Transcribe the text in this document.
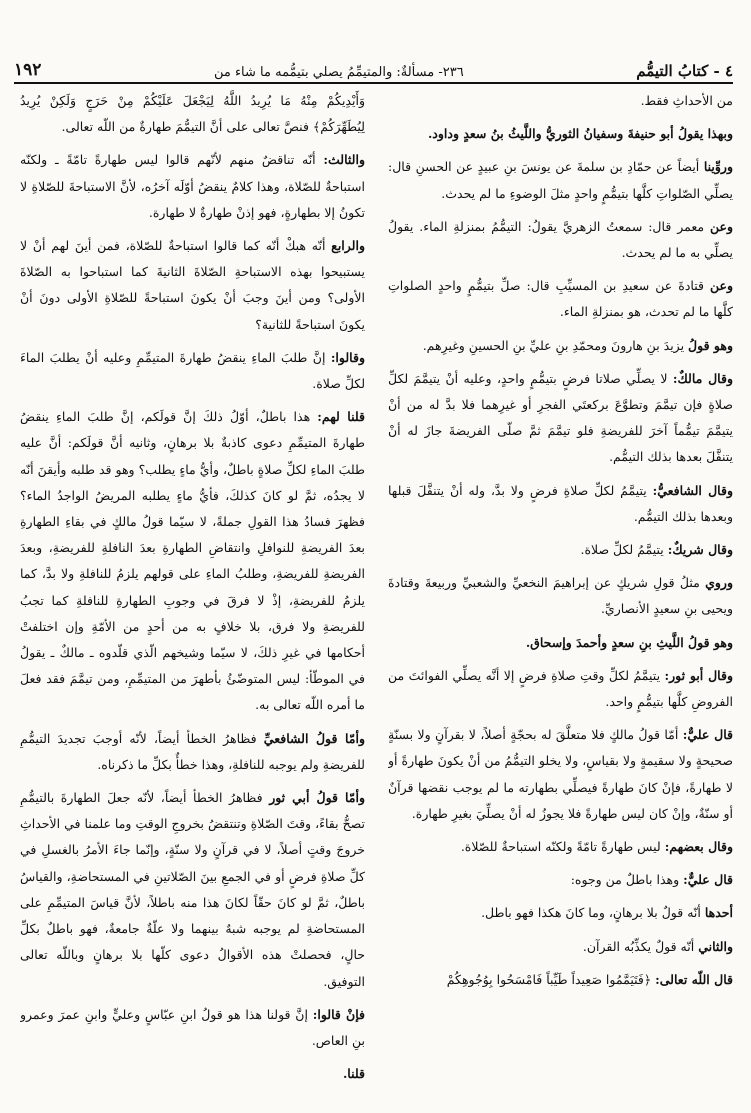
٤ - كتابُ التيمُّم
٢٣٦- مسألةٌ: والمتيمِّمُ يصلي بتيمُّمه ما شاء من
١٩٢

من الأحداثِ فقط.

وبهذا يقولُ أبو حنيفةَ وسفيانُ الثوريُّ واللَّيثُ بنُ سعدٍ وداود.

وروِّينا أيضاً عن حمّادِ بن سلمةَ عن يونسَ بنِ عبيدٍ عن الحسنِ قال: يصلِّي الصّلواتِ كلَّها بتيمُّمٍ واحدٍ مثلَ الوضوءِ ما لم يحدث.

وعن معمر قال: سمعتُ الزهريَّ يقولُ: التيمُّمُ بمنزلةِ الماء. يقولُ يصلِّي به ما لم يحدث.

وعن قتادةَ عن سعيدِ بن المسيِّبِ قال: صلِّ بتيمُّمٍ واحدٍ الصلواتِ كلَّها ما لم تحدث، هو بمنزلةِ الماء.

وهو قولُ يزيدَ بنِ هارونَ ومحمّدِ بنِ عليِّ بنِ الحسينِ وغيرِهم.

وقال مالكٌ: لا يصلِّي صلاتا فرضٍ بتيمُّمٍ واحدٍ، وعليه أنْ يتيمَّمَ لكلِّ صلاةٍ فإن تيمَّمَ وتطوَّعَ بركعتَي الفجرِ أو غيرِهما فلا بدَّ له من أنْ يتيمَّمَ تيمُّماً آخرَ للفريضةِ فلو تيمَّمَ ثمَّ صلّى الفريضةَ جازَ له أنْ يتنفَّلَ بعدها بذلك التيمُّم.

وقال الشافعيُّ: يتيمَّمُ لكلِّ صلاةِ فرضٍ ولا بدَّ، وله أنْ يتنفَّلَ قبلها وبعدها بذلك التيمُّم.

وقال شريكٌ: يتيمَّمُ لكلِّ صلاة.

وروي مثلُ قولِ شريكٍ عن إبراهيمَ النخعيِّ والشعبيِّ وربيعةَ وقتادةَ ويحيى بنِ سعيدٍ الأنصاريِّ.

وهو قولُ اللَّيثِ بنِ سعدٍ وأحمدَ وإسحاق.

وقال أبو ثور: يتيمَّمُ لكلِّ وقتِ صلاةِ فرضٍ إلا أنَّه يصلِّي الفوائتَ من الفروضِ كلَّها بتيمُّمٍ واحد.

قال عليٌّ: أمّا قولُ مالكٍ فلا متعلَّقَ له بحجّةٍ أصلاً، لا بقرآنٍ ولا بسنّةٍ صحيحةٍ ولا سقيمةٍ ولا بقياسٍ، ولا يخلو التيمُّمُ من أنْ يكونَ طهارةً أو لا طهارةً، فإنْ كانَ طهارةً فيصلِّي بطهارته ما لم يوجب نقضها قرآنٌ أو سنّةٌ، وإنْ كان ليس طهارةً فلا يجوزُ له أنْ يصلِّيَ بغيرِ طهارة.

وقال بعضهم: ليس طهارةً تامّةً ولكنّه استباحةٌ للصّلاة.

قال عليٌّ: وهذا باطلٌ من وجوه:

أحدها أنّه قولٌ بلا برهانٍ، وما كانَ هكذا فهو باطل.

والثاني أنّه قولٌ يكذِّبُه القرآن.

قال اللّه تعالى: ﴿فَتَيَمَّمُوا صَعِيداً طَيِّباً فَامْسَحُوا بِوُجُوهِكُمْ

وَأَيْدِيكُمْ مِنْهُ مَا يُرِيدُ اللَّهُ لِيَجْعَلَ عَلَيْكُمْ مِنْ حَرَجٍ وَلَكِنْ يُرِيدُ لِيُطَهِّرَكُمْ﴾ فنصَّ تعالى على أنَّ التيمُّمَ طهارةٌ من اللّه تعالى.

والثالث: أنّه تناقضٌ منهم لأنّهم قالوا ليس طهارةً تامّةً ـ ولكنّه استباحةٌ للصّلاة، وهذا كلامٌ ينقضُ أوّلَه آخرُه، لأنَّ الاستباحةَ للصّلاةِ لا تكونُ إلا بطهارةٍ، فهو إذنْ طهارةٌ لا طهارة.

والرابع أنّه هبكْ أنّه كما قالوا استباحةٌ للصّلاة، فمن أينَ لهم أنْ لا يستبيحوا بهذه الاستباحةِ الصّلاةَ الثانيةَ كما استباحوا به الصّلاةَ الأولى؟ ومن أينَ وجبَ أنْ يكونَ استباحةً للصّلاةِ الأولى دونَ أنْ يكونَ استباحةً للثانية؟

وقالوا: إنَّ طلبَ الماءِ ينقضُ طهارةَ المتيمِّمِ وعليه أنْ يطلبَ الماءَ لكلِّ صلاة.

قلنا لهم: هذا باطلٌ، أوّلُ ذلكَ إنَّ قولَكم، إنَّ طلبَ الماءِ ينقضُ طهارةَ المتيمِّمِ دعوى كاذبةٌ بلا برهانٍ، وثانيه أنَّ قولَكم: أنَّ عليه طلبَ الماءِ لكلِّ صلاةٍ باطلٌ، وأيُّ ماءٍ يطلب؟ وهو قد طلبه وأيقنَ أنّه لا يجدُه، ثمَّ لو كانَ كذلكَ، فأيُّ ماءٍ يطلبه المريضُ الواجدُ الماء؟ فظهرَ فسادُ هذا القولِ جملةً، لا سيّما قولُ مالكٍ في بقاءِ الطهارةِ بعدَ الفريضةِ للنوافلِ وانتقاضِ الطهارةِ بعدَ النافلةِ للفريضةِ، وبعدَ الفريضةِ للفريضةِ، وطلبُ الماءِ على قولهم يلزمُ للنافلةِ ولا بدَّ، كما يلزمُ للفريضةِ، إذْ لا فرقَ في وجوبِ الطهارةِ للنافلةِ كما تجبُ للفريضةِ ولا فرق، بلا خلافٍ به من أحدٍ من الأمّةِ وإن اختلفتْ أحكامها في غيرِ ذلكَ، لا سيّما وشيخهم الّذي قلّدوه ـ مالكٌ ـ يقولُ في الموطّأ: ليس المتوضّئُ بأطهرَ من المتيمِّمِ، ومن تيمَّمَ فقد فعلَ ما أمره اللّه تعالى به.

وأمّا قولُ الشافعيِّ فظاهرُ الخطأ أيضاً، لأنّه أوجبَ تجديدَ التيمُّمِ للفريضةِ ولم يوجبه للنافلةِ، وهذا خطأٌ بكلِّ ما ذكرناه.

وأمّا قولُ أبي ثور فظاهرُ الخطأ أيضاً، لأنّه جعلَ الطهارةَ بالتيمُّمِ تصحُّ بقاءً، وقتَ الصّلاةِ وتنتقضُ بخروجِ الوقتِ وما علمنا في الأحداثِ خروجَ وقتٍ أصلاً، لا في قرآنٍ ولا سنّةٍ، وإنّما جاءَ الأمرُ بالغسلِ في كلِّ صلاةِ فرضٍ أو في الجمعِ بينَ الصّلاتينِ في المستحاضةِ، والقياسُ باطلٌ، ثمَّ لو كانَ حقّاً لكانَ هذا منه باطلاً، لأنَّ قياسَ المتيمِّمِ على المستحاضةِ لم يوجبه شبهٌ بينهما ولا علّةٌ جامعةٌ، فهو باطلٌ بكلِّ حالٍ، فحصلتْ هذه الأقوالُ دعوى كلّها بلا برهانٍ وباللّه تعالى التوفيق.

فإنْ قالوا: إنَّ قولنا هذا هو قولُ ابنِ عبّاسٍ وعليٍّ وابنِ عمرَ وعمرو بنِ العاص.

قلنا.
